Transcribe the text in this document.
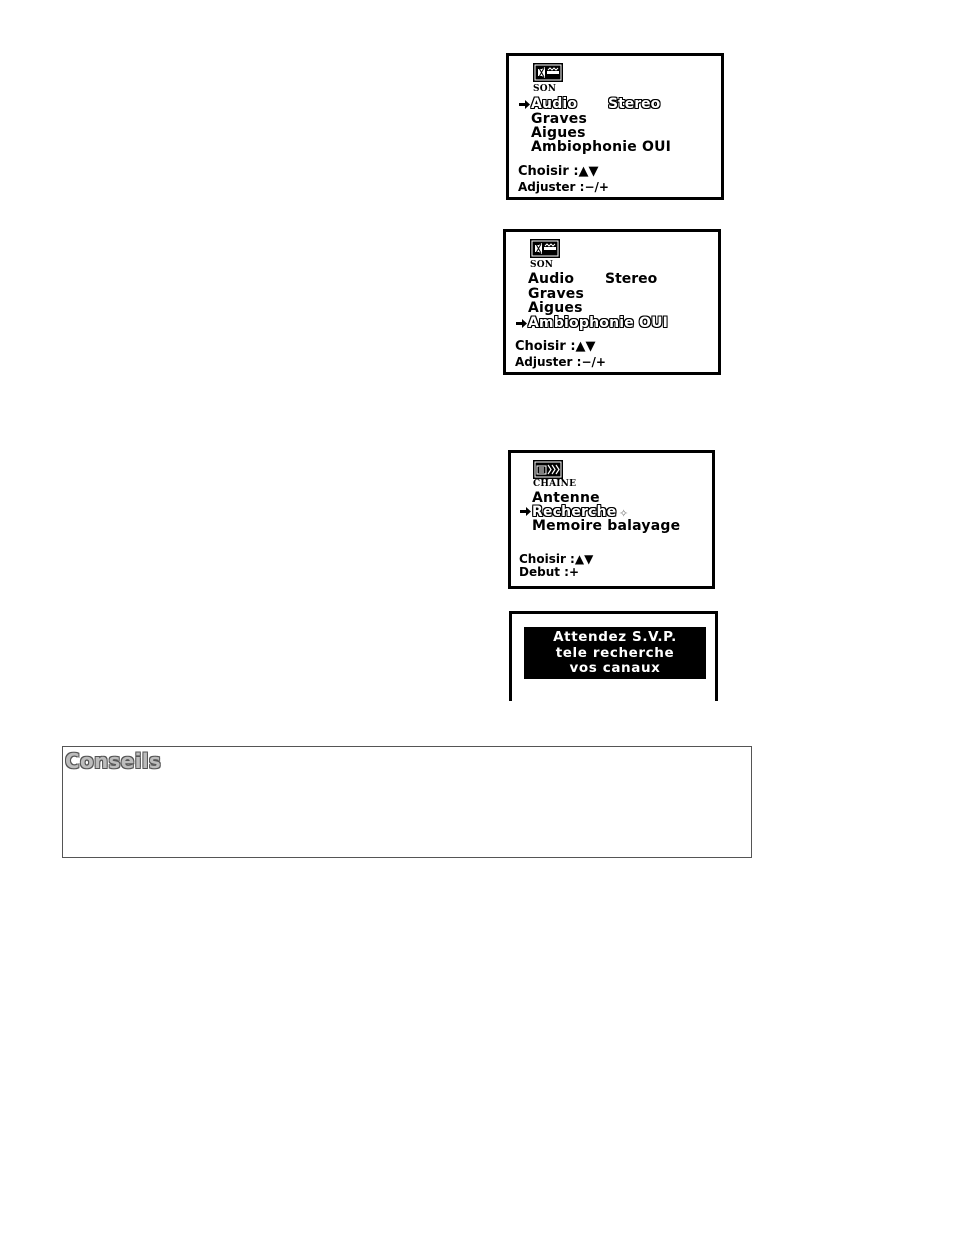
SON
Audio Stereo
Graves
Aigues
Ambiophonie OUI
Choisir :▲▼
Adjuster :−/+
SON
Audio Stereo
Graves
Aigues
Ambiophonie OUI
Choisir :▲▼
Adjuster :−/+
CHAINE
Antenne
Recherche ✧
Memoire balayage
Choisir :▲▼
Debut :+
Attendez S.V.P.
tele recherche
vos canaux
Conseils
